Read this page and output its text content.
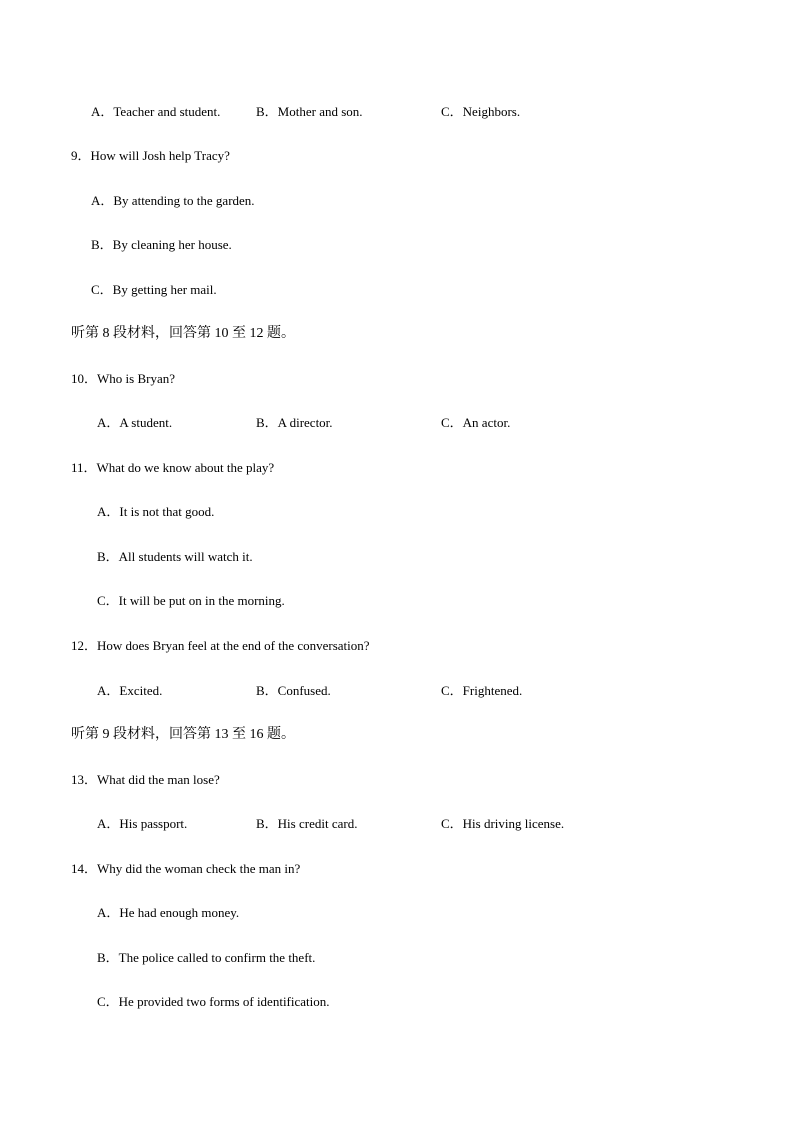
A．Teacher and student.	B．Mother and son.	C．Neighbors.
9．How will Josh help Tracy?
A．By attending to the garden.
B．By cleaning her house.
C．By getting her mail.
听第 8 段材料，回答第 10 至 12 题。
10．Who is Bryan?
A．A student.	B．A director.	C．An actor.
11．What do we know about the play?
A．It is not that good.
B．All students will watch it.
C．It will be put on in the morning.
12．How does Bryan feel at the end of the conversation?
A．Excited.	B．Confused.	C．Frightened.
听第 9 段材料，回答第 13 至 16 题。
13．What did the man lose?
A．His passport.	B．His credit card.	C．His driving license.
14．Why did the woman check the man in?
A．He had enough money.
B．The police called to confirm the theft.
C．He provided two forms of identification.
